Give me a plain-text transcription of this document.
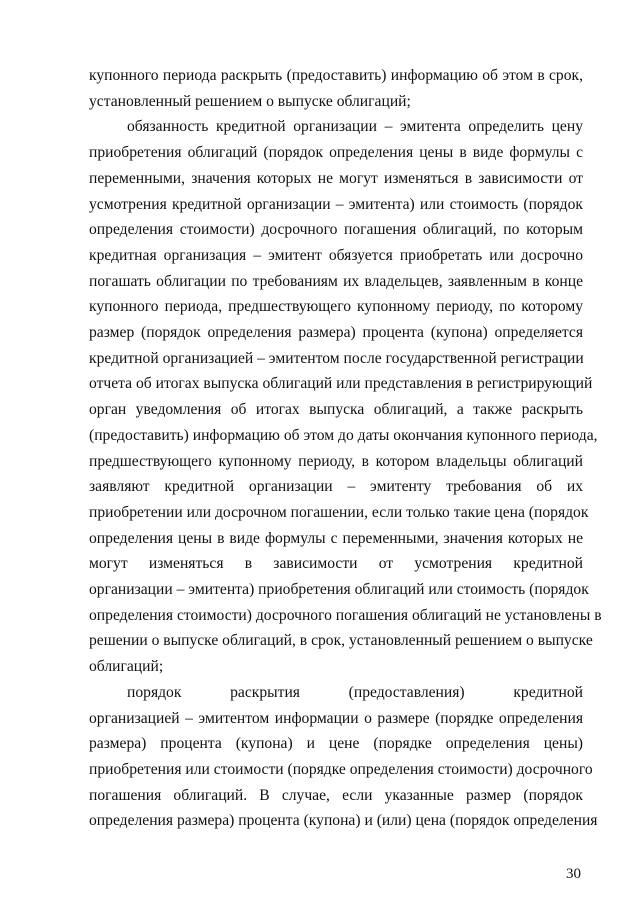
купонного периода раскрыть (предоставить) информацию об этом в срок,
установленный решением о выпуске облигаций;

обязанность кредитной организации – эмитента определить цену
приобретения облигаций (порядок определения цены в виде формулы с
переменными, значения которых не могут изменяться в зависимости от
усмотрения кредитной организации – эмитента) или стоимость (порядок
определения стоимости) досрочного погашения облигаций, по которым
кредитная организация – эмитент обязуется приобретать или досрочно
погашать облигации по требованиям их владельцев, заявленным в конце
купонного периода, предшествующего купонному периоду, по которому
размер (порядок определения размера) процента (купона) определяется
кредитной организацией – эмитентом после государственной регистрации
отчета об итогах выпуска облигаций или представления в регистрирующий
орган уведомления об итогах выпуска облигаций, а также раскрыть
(предоставить) информацию об этом до даты окончания купонного периода,
предшествующего купонному периоду, в котором владельцы облигаций
заявляют кредитной организации – эмитенту требования об их
приобретении или досрочном погашении, если только такие цена (порядок
определения цены в виде формулы с переменными, значения которых не
могут изменяться в зависимости от усмотрения кредитной
организации – эмитента) приобретения облигаций или стоимость (порядок
определения стоимости) досрочного погашения облигаций не установлены в
решении о выпуске облигаций, в срок, установленный решением о выпуске
облигаций;

порядок раскрытия (предоставления) кредитной
организацией – эмитентом информации о размере (порядке определения
размера) процента (купона) и цене (порядке определения цены)
приобретения или стоимости (порядке определения стоимости) досрочного
погашения облигаций. В случае, если указанные размер (порядок
определения размера) процента (купона) и (или) цена (порядок определения

30
